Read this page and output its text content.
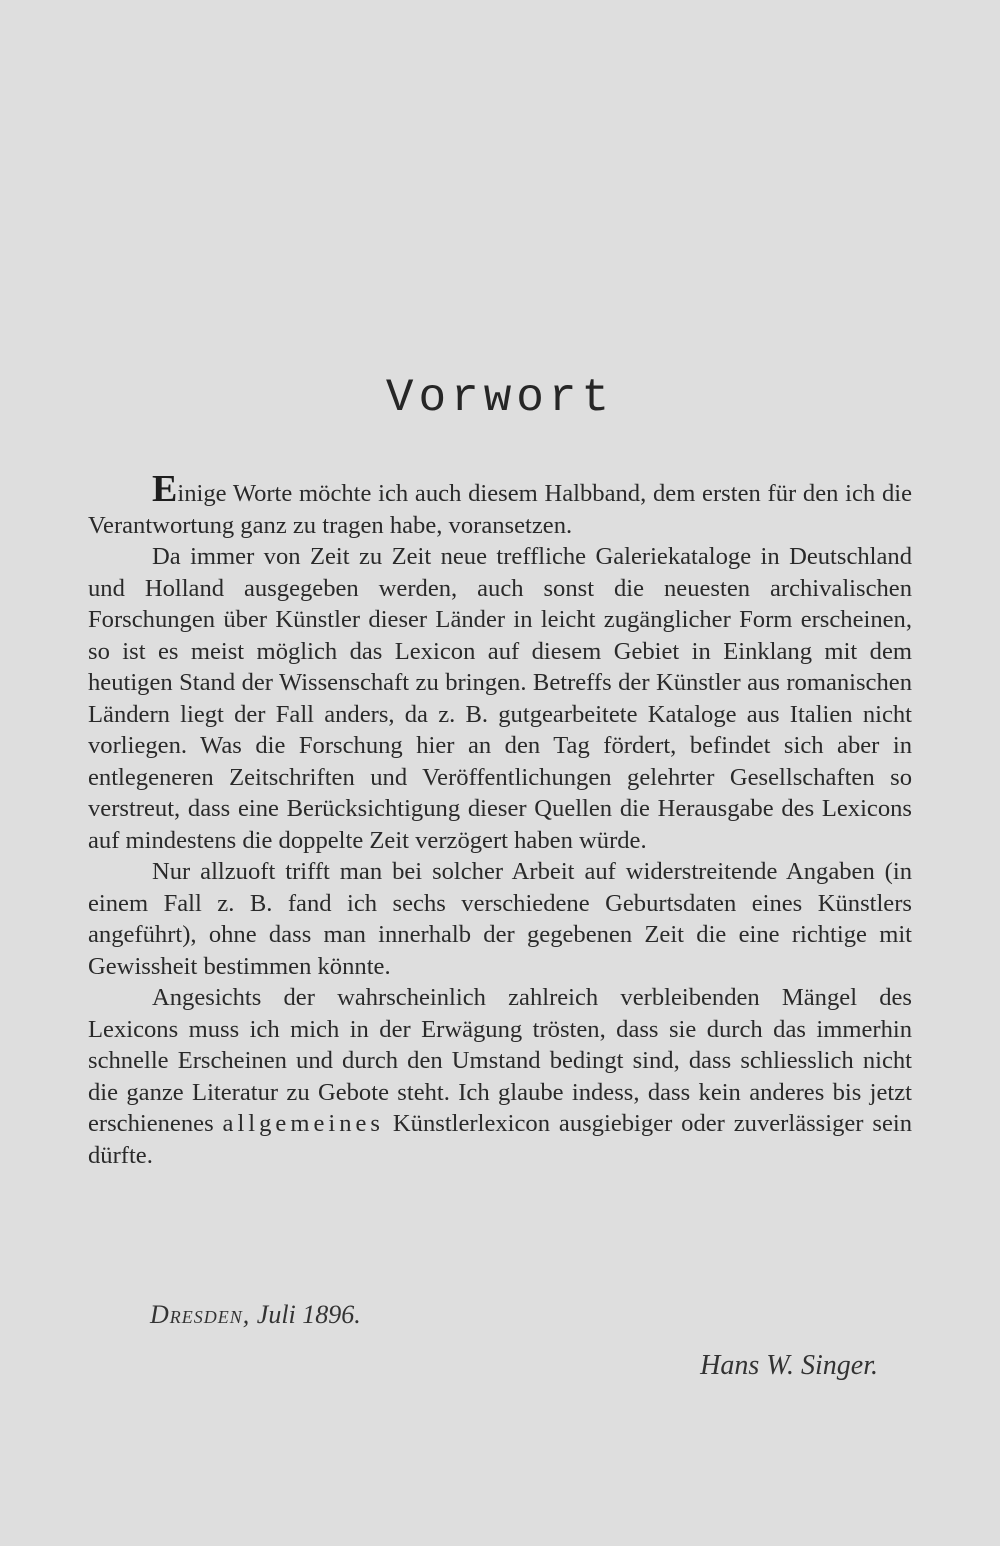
Vorwort

Einige Worte möchte ich auch diesem Halbband, dem ersten für den ich die Verantwortung ganz zu tragen habe, voransetzen.

Da immer von Zeit zu Zeit neue treffliche Galeriekataloge in Deutschland und Holland ausgegeben werden, auch sonst die neuesten archivalischen Forschungen über Künstler dieser Länder in leicht zugänglicher Form erscheinen, so ist es meist möglich das Lexicon auf diesem Gebiet in Einklang mit dem heutigen Stand der Wissenschaft zu bringen. Betreffs der Künstler aus romanischen Ländern liegt der Fall anders, da z. B. gutgearbeitete Kataloge aus Italien nicht vorliegen. Was die Forschung hier an den Tag fördert, befindet sich aber in entlegeneren Zeitschriften und Veröffentlichungen gelehrter Gesellschaften so verstreut, dass eine Berücksichtigung dieser Quellen die Herausgabe des Lexicons auf mindestens die doppelte Zeit verzögert haben würde.

Nur allzuoft trifft man bei solcher Arbeit auf widerstreitende Angaben (in einem Fall z. B. fand ich sechs verschiedene Geburtsdaten eines Künstlers angeführt), ohne dass man innerhalb der gegebenen Zeit die eine richtige mit Gewissheit bestimmen könnte.

Angesichts der wahrscheinlich zahlreich verbleibenden Mängel des Lexicons muss ich mich in der Erwägung trösten, dass sie durch das immerhin schnelle Erscheinen und durch den Umstand bedingt sind, dass schliesslich nicht die ganze Literatur zu Gebote steht. Ich glaube indess, dass kein anderes bis jetzt erschienenes allgemeines Künstlerlexicon ausgiebiger oder zuverlässiger sein dürfte.

Dresden, Juli 1896.

Hans W. Singer.
